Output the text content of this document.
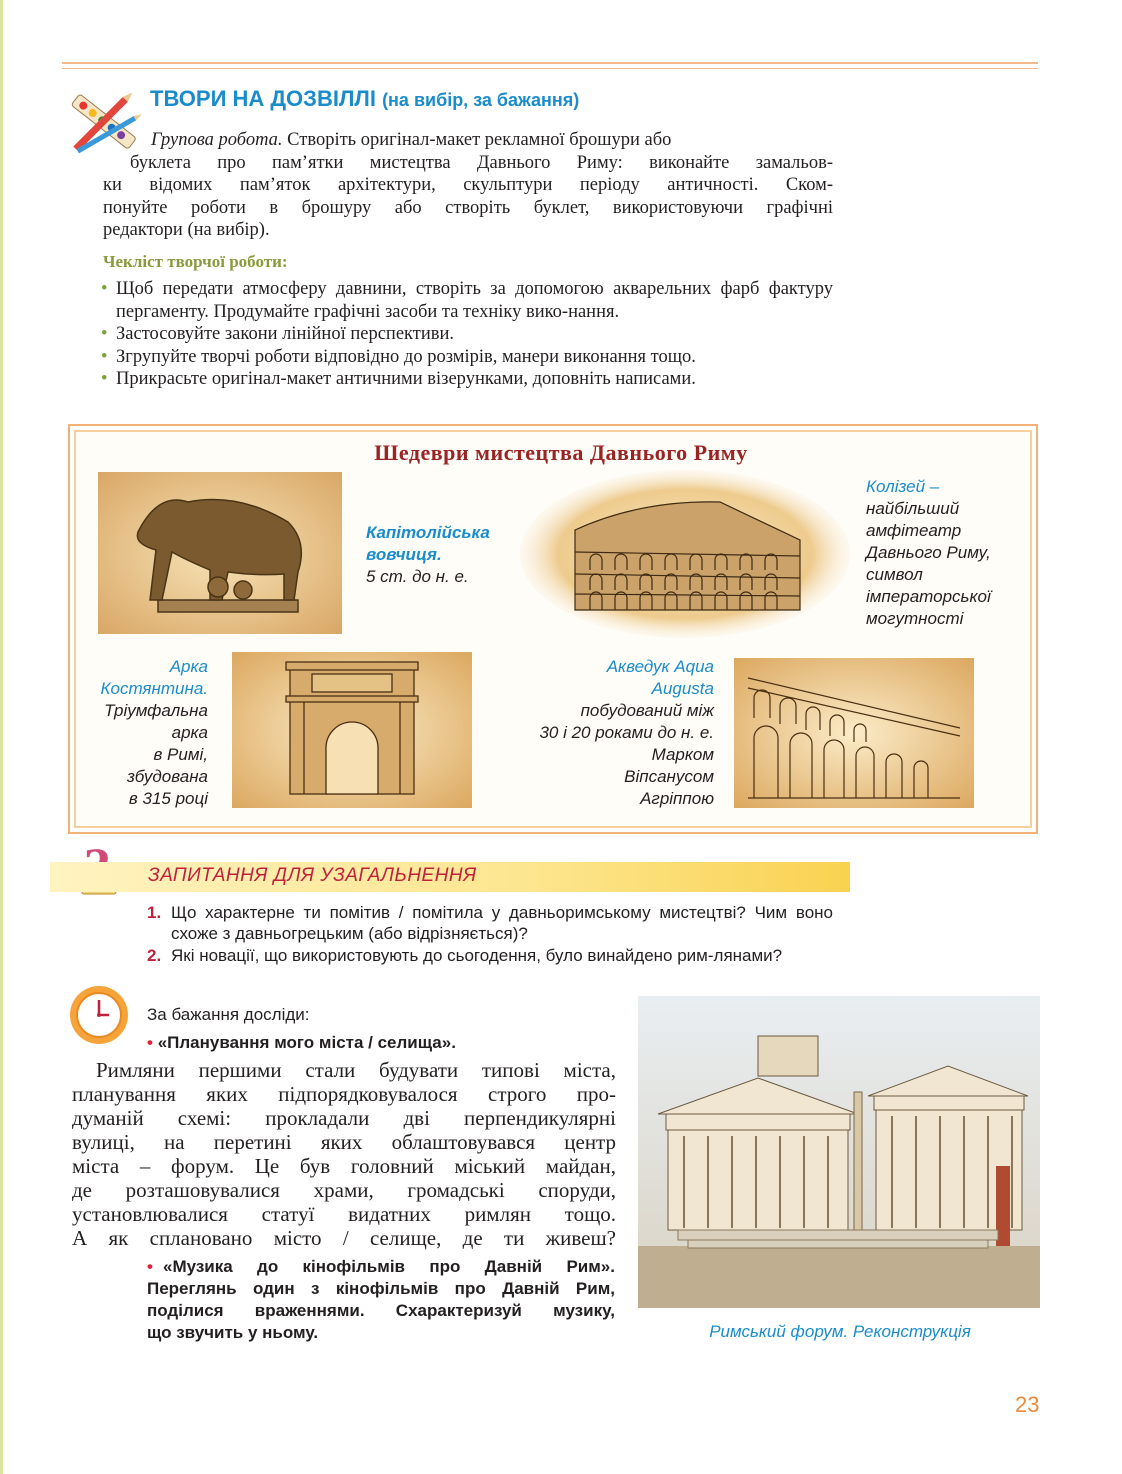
ТВОРИ НА ДОЗВІЛЛІ (на вибір, за бажання)

Групова робота. Створіть оригінал-макет рекламної брошури або

буклета про пам’ятки мистецтва Давнього Риму: виконайте замальов-

ки відомих пам’яток архітектури, скульптури періоду античності. Ском-

понуйте роботи в брошуру або створіть буклет, використовуючи графічні

редактори (на вибір).

Чекліст творчої роботи:
• Щоб передати атмосферу давнини, створіть за допомогою акварельних фарб фактуру пергаменту. Продумайте графічні засоби та техніку вико-нання.
• Застосовуйте закони лінійної перспективи.
• Згрупуйте творчі роботи відповідно до розмірів, манери виконання тощо.
• Прикрасьте оригінал-макет античними візерунками, доповніть написами.
Шедеври мистецтва Давнього Риму
Капітолійська
вовчиця.
5 ст. до н. е.
Колізей –
найбільший
амфітеатр
Давнього Риму,
символ
імператорської
могутності
Арка
Костянтина.
Тріумфальна
арка
в Римі,
збудована
в 315 році
Акведук Aqua
Augusta
побудований між
30 і 20 роками до н. е.
Марком
Віпсанусом
Агріппою
ЗАПИТАННЯ ДЛЯ УЗАГАЛЬНЕННЯ
1. Що характерне ти помітив / помітила у давньоримському мистецтві? Чим воно схоже з давньогрецьким (або відрізняється)?
2. Які новації, що використовують до сьогодення, було винайдено рим-лянами?
За бажання досліди:
• «Планування мого міста / селища».

Римляни першими стали будувати типові міста,

планування яких підпорядковувалося строго про-

думаній схемі: прокладали дві перпендикулярні

вулиці, на перетині яких облаштовувався центр

міста – форум. Це був головний міський майдан,

де розташовувалися храми, громадські споруди,

установлювалися статуї видатних римлян тощо.

А як сплановано місто / селище, де ти живеш?

• «Музика до кінофільмів про Давній Рим».
Переглянь один з кінофільмів про Давній Рим,
поділися враженнями. Схарактеризуй музику,
що звучить у ньому.	Римський форум. Реконструкція
23
